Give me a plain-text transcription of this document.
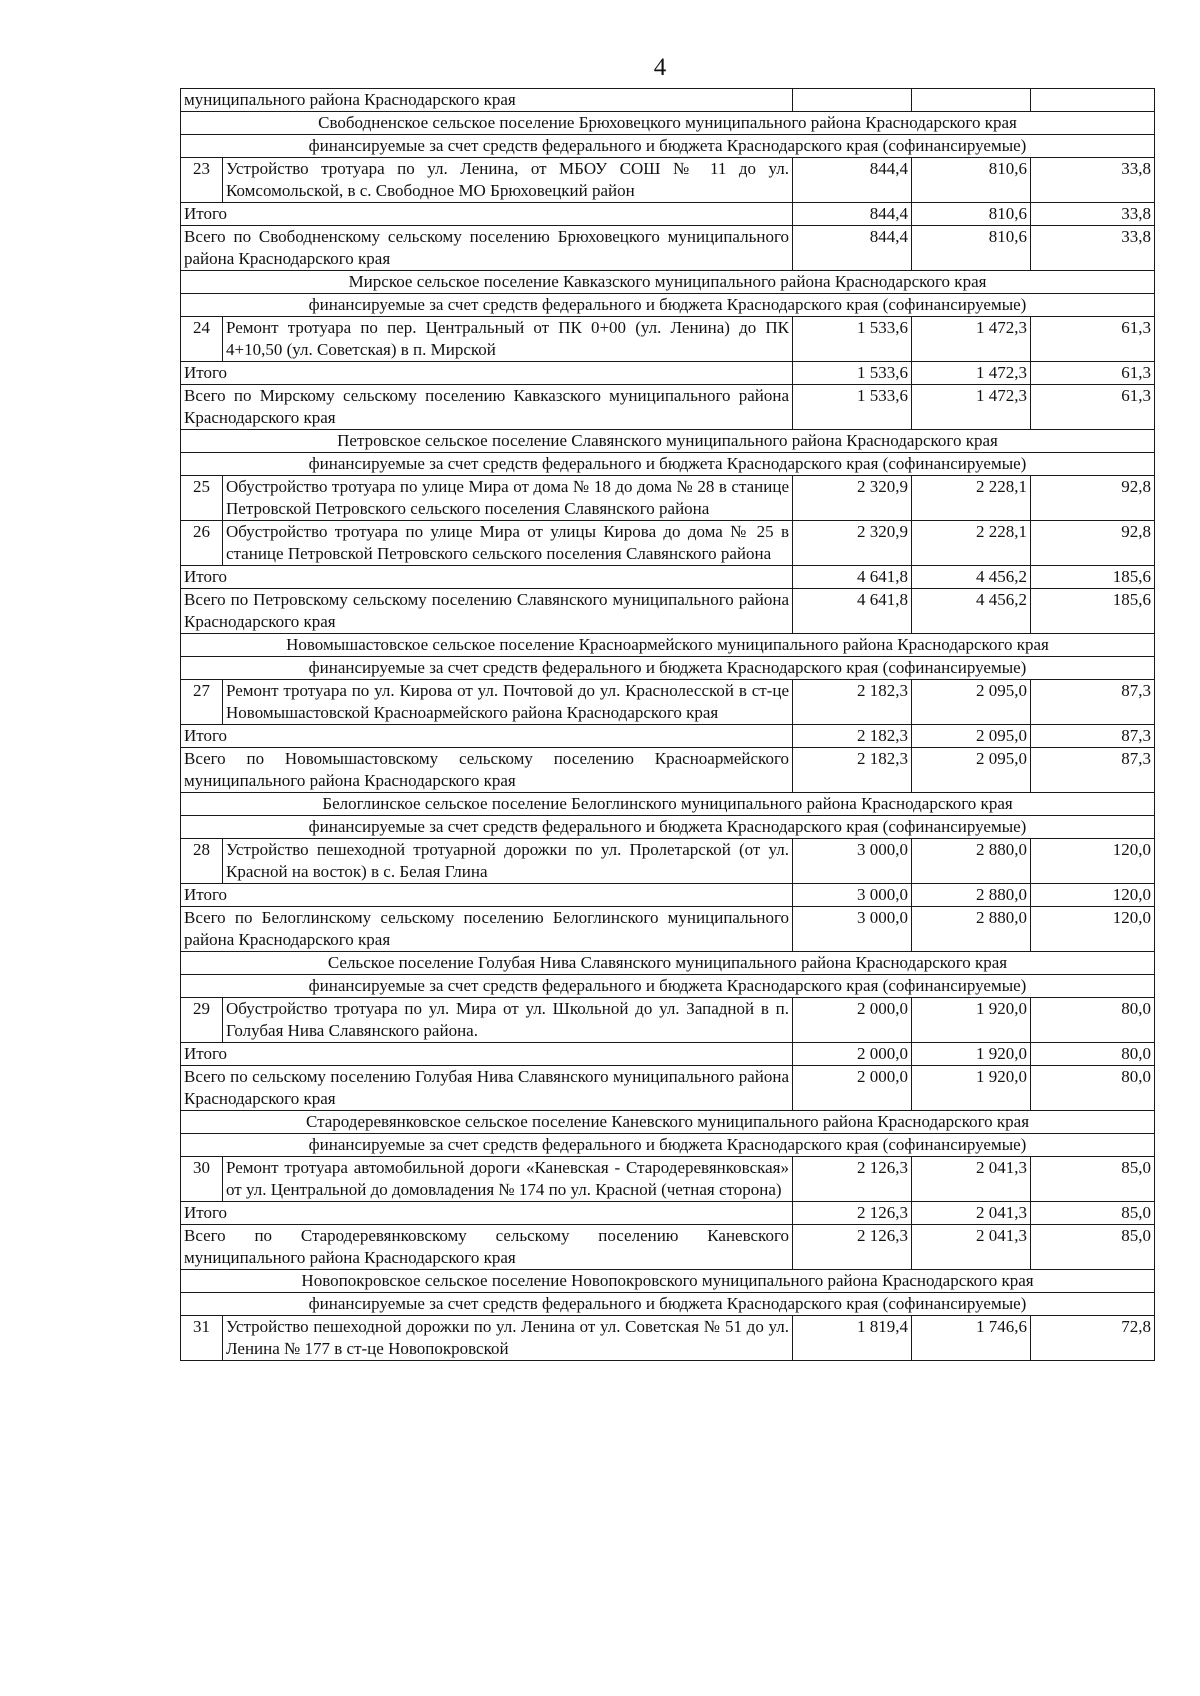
4
муниципального района Краснодарского края				
Свободненское сельское поселение Брюховецкого муниципального района Краснодарского края				
финансируемые за счет средств федерального и бюджета Краснодарского края (софинансируемые)				
23	Устройство тротуара по ул. Ленина, от МБОУ СОШ № 11 до ул. Комсомольской, в с. Свободное МО Брюховецкий район	844,4	810,6	33,8
Итого		844,4	810,6	33,8
Всего по Свободненскому сельскому поселению Брюховецкого муниципального района Краснодарского края		844,4	810,6	33,8
Мирское сельское поселение Кавказского муниципального района Краснодарского края				
финансируемые за счет средств федерального и бюджета Краснодарского края (софинансируемые)				
24	Ремонт тротуара по пер. Центральный от ПК 0+00 (ул. Ленина) до ПК 4+10,50 (ул. Советская) в п. Мирской	1 533,6	1 472,3	61,3
Итого		1 533,6	1 472,3	61,3
Всего по Мирскому сельскому поселению Кавказского муниципального района Краснодарского края		1 533,6	1 472,3	61,3
Петровское сельское поселение Славянского муниципального района Краснодарского края				
финансируемые за счет средств федерального и бюджета Краснодарского края (софинансируемые)				
25	Обустройство тротуара по улице Мира от дома № 18 до дома № 28 в станице Петровской Петровского сельского поселения Славянского района	2 320,9	2 228,1	92,8
26	Обустройство тротуара по улице Мира от улицы Кирова до дома № 25 в станице Петровской Петровского сельского поселения Славянского района	2 320,9	2 228,1	92,8
Итого		4 641,8	4 456,2	185,6
Всего по Петровскому сельскому поселению Славянского муниципального района Краснодарского края		4 641,8	4 456,2	185,6
Новомышастовское сельское поселение Красноармейского муниципального района Краснодарского края				
финансируемые за счет средств федерального и бюджета Краснодарского края (софинансируемые)				
27	Ремонт тротуара по ул. Кирова от ул. Почтовой до ул. Краснолесской в ст-це Новомышастовской Красноармейского района Краснодарского края	2 182,3	2 095,0	87,3
Итого		2 182,3	2 095,0	87,3
Всего по Новомышастовскому сельскому поселению Красноармейского муниципального района Краснодарского края		2 182,3	2 095,0	87,3
Белоглинское сельское поселение Белоглинского муниципального района Краснодарского края				
финансируемые за счет средств федерального и бюджета Краснодарского края (софинансируемые)				
28	Устройство пешеходной тротуарной дорожки по ул. Пролетарской (от ул. Красной на восток) в с. Белая Глина	3 000,0	2 880,0	120,0
Итого		3 000,0	2 880,0	120,0
Всего по Белоглинскому сельскому поселению Белоглинского муниципального района Краснодарского края		3 000,0	2 880,0	120,0
Сельское поселение Голубая Нива Славянского муниципального района Краснодарского края				
финансируемые за счет средств федерального и бюджета Краснодарского края (софинансируемые)				
29	Обустройство тротуара по ул. Мира от ул. Школьной до ул. Западной в п. Голубая Нива Славянского района.	2 000,0	1 920,0	80,0
Итого		2 000,0	1 920,0	80,0
Всего по сельскому поселению Голубая Нива Славянского муниципального района Краснодарского края		2 000,0	1 920,0	80,0
Стародеревянковское сельское поселение Каневского муниципального района Краснодарского края				
финансируемые за счет средств федерального и бюджета Краснодарского края (софинансируемые)				
30	Ремонт тротуара автомобильной дороги «Каневская - Стародеревянковская» от ул. Центральной до домовладения № 174 по ул. Красной (четная сторона)	2 126,3	2 041,3	85,0
Итого		2 126,3	2 041,3	85,0
Всего по Стародеревянковскому сельскому поселению Каневского муниципального района Краснодарского края		2 126,3	2 041,3	85,0
Новопокровское сельское поселение Новопокровского муниципального района Краснодарского края				
финансируемые за счет средств федерального и бюджета Краснодарского края (софинансируемые)				
31	Устройство пешеходной дорожки по ул. Ленина от ул. Советская № 51 до ул. Ленина № 177 в ст-це Новопокровской	1 819,4	1 746,6	72,8
